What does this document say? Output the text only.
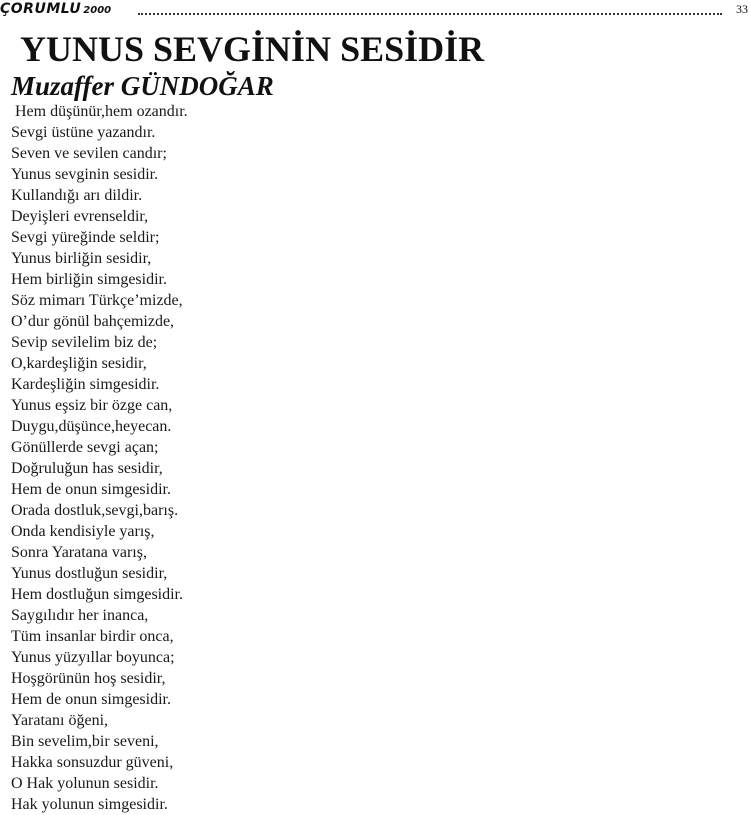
ÇORUMLU 2000	33
YUNUS SEVGİNİN SESİDİR
Muzaffer GÜNDOĞAR
Hem düşünür,hem ozandır.
Sevgi üstüne yazandır.
Seven ve sevilen candır;
Yunus sevginin sesidir.
Kullandığı arı dildir.
Deyişleri evrenseldir,
Sevgi yüreğinde seldir;
Yunus birliğin sesidir,
Hem birliğin simgesidir.
Söz mimarı Türkçe’mizde,
O’dur gönül bahçemizde,
Sevip sevilelim biz de;
O,kardeşliğin sesidir,
Kardeşliğin simgesidir.
Yunus eşsiz bir özge can,
Duygu,düşünce,heyecan.
Gönüllerde sevgi açan;
Doğruluğun has sesidir,
Hem de onun simgesidir.
Orada dostluk,sevgi,barış.
Onda kendisiyle yarış,
Sonra Yaratana varış,
Yunus dostluğun sesidir,
Hem dostluğun simgesidir.
Saygılıdır her inanca,
Tüm insanlar birdir onca,
Yunus yüzyıllar boyunca;
Hoşgörünün hoş sesidir,
Hem de onun simgesidir.
Yaratanı öğeni,
Bin sevelim,bir seveni,
Hakka sonsuzdur güveni,
O Hak yolunun sesidir.
Hak yolunun simgesidir.
